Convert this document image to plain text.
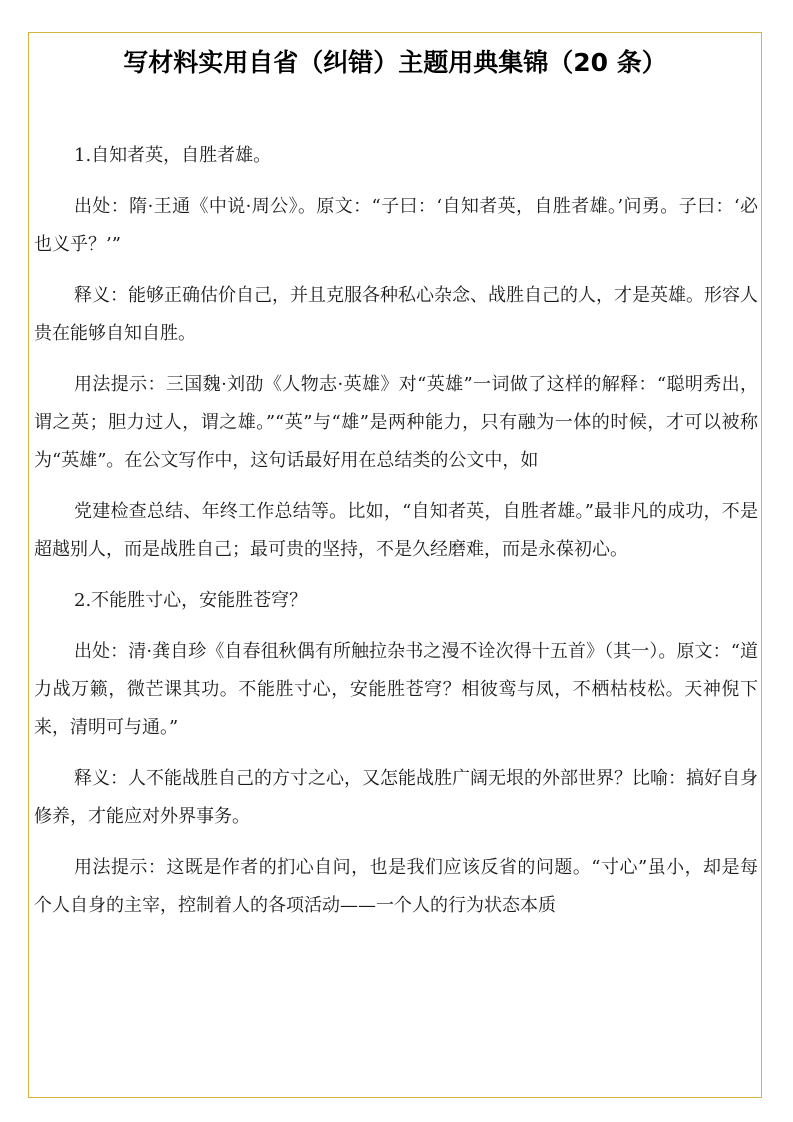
写材料实用自省（纠错）主题用典集锦（20 条）

1.自知者英，自胜者雄。

出处：隋·王通《中说·周公》。原文：“子曰：‘自知者英，自胜者雄。’问勇。子曰：‘必也义乎？’”

释义：能够正确估价自己，并且克服各种私心杂念、战胜自己的人，才是英雄。形容人贵在能够自知自胜。

用法提示：三国魏·刘劭《人物志·英雄》对“英雄”一词做了这样的解释：“聪明秀出，谓之英；胆力过人，谓之雄。”“英”与“雄”是两种能力，只有融为一体的时候，才可以被称为“英雄”。在公文写作中，这句话最好用在总结类的公文中，如

党建检查总结、年终工作总结等。比如，“自知者英，自胜者雄。”最非凡的成功，不是超越别人，而是战胜自己；最可贵的坚持，不是久经磨难，而是永葆初心。

2.不能胜寸心，安能胜苍穹？

出处：清·龚自珍《自春徂秋偶有所触拉杂书之漫不诠次得十五首》（其一）。原文：“道力战万籁，微芒课其功。不能胜寸心，安能胜苍穹？相彼鸾与凤，不栖枯枝松。天神倪下来，清明可与通。”

释义：人不能战胜自己的方寸之心，又怎能战胜广阔无垠的外部世界？比喻：搞好自身修养，才能应对外界事务。

用法提示：这既是作者的扪心自问，也是我们应该反省的问题。“寸心”虽小，却是每个人自身的主宰，控制着人的各项活动——一个人的行为状态本质
